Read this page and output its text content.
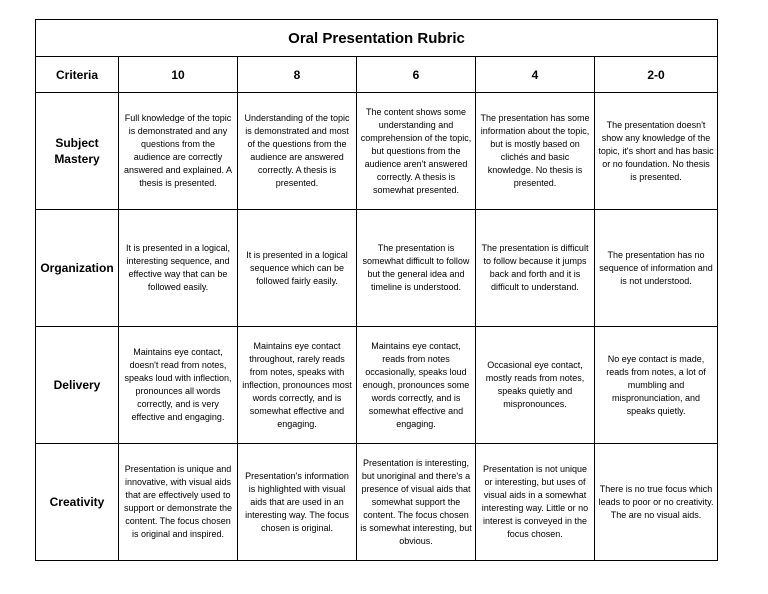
Oral Presentation Rubric					
Criteria	10	8	6	4	2-0
Subject Mastery	Full knowledge of the topic is demonstrated and any questions from the audience are correctly answered and explained. A thesis is presented.	Understanding of the topic is demonstrated and most of the questions from the audience are answered correctly. A thesis is presented.	The content shows some understanding and comprehension of the topic, but questions from the audience aren't answered correctly. A thesis is somewhat presented.	The presentation has some information about the topic, but is mostly based on clichés and basic knowledge. No thesis is presented.	The presentation doesn't show any knowledge of the topic, it's short and has basic or no foundation. No thesis is presented.
Organization	It is presented in a logical, interesting sequence, and effective way that can be followed easily.	It is presented in a logical sequence which can be followed fairly easily.	The presentation is somewhat difficult to follow but the general idea and timeline is understood.	The presentation is difficult to follow because it jumps back and forth and it is difficult to understand.	The presentation has no sequence of information and is not understood.
Delivery	Maintains eye contact, doesn't read from notes, speaks loud with inflection, pronounces all words correctly, and is very effective and engaging.	Maintains eye contact throughout, rarely reads from notes, speaks with inflection, pronounces most words correctly, and is somewhat effective and engaging.	Maintains eye contact, reads from notes occasionally, speaks loud enough, pronounces some words correctly, and is somewhat effective and engaging.	Occasional eye contact, mostly reads from notes, speaks quietly and mispronounces.	No eye contact is made, reads from notes, a lot of mumbling and mispronunciation, and speaks quietly.
Creativity	Presentation is unique and innovative, with visual aids that are effectively used to support or demonstrate the content. The focus chosen is original and inspired.	Presentation's information is highlighted with visual aids that are used in an interesting way. The focus chosen is original.	Presentation is interesting, but unoriginal and there's a presence of visual aids that somewhat support the content. The focus chosen is somewhat interesting, but obvious.	Presentation is not unique or interesting, but uses of visual aids in a somewhat interesting way. Little or no interest is conveyed in the focus chosen.	There is no true focus which leads to poor or no creativity. The are no visual aids.
